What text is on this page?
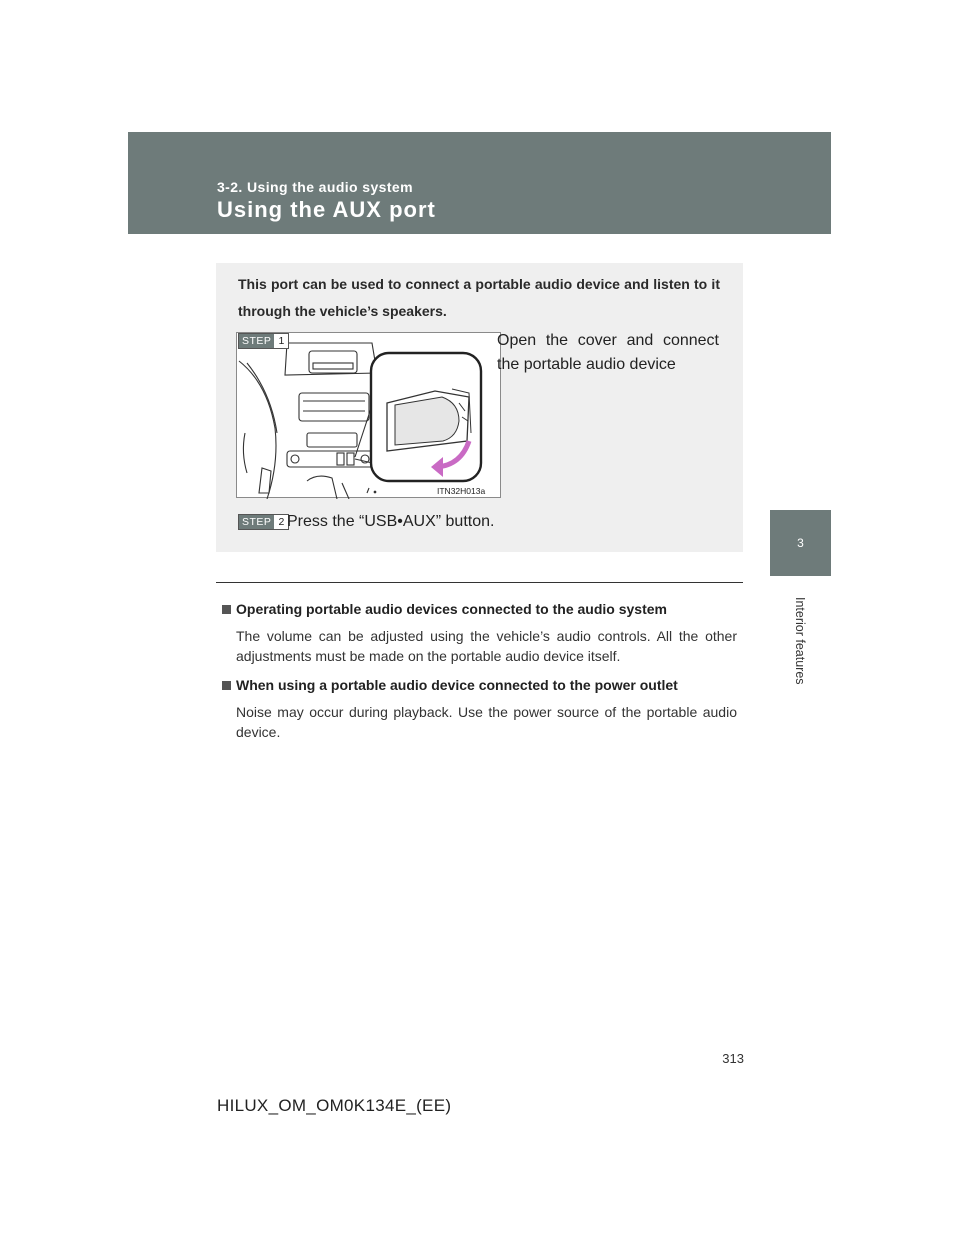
3-2. Using the audio system

Using the AUX port
3
Interior features

This port can be used to connect a portable audio device and listen to it through the vehicle’s speakers.

ITN32H013a
STEP 1	Open the cover and connect the portable audio device

STEP 2 Press the “USB•AUX” button.

Operating portable audio devices connected to the audio system

The volume can be adjusted using the vehicle’s audio controls. All the other adjustments must be made on the portable audio device itself.

When using a portable audio device connected to the power outlet

Noise may occur during playback. Use the power source of the portable audio device.

313
HILUX_OM_OM0K134E_(EE)
